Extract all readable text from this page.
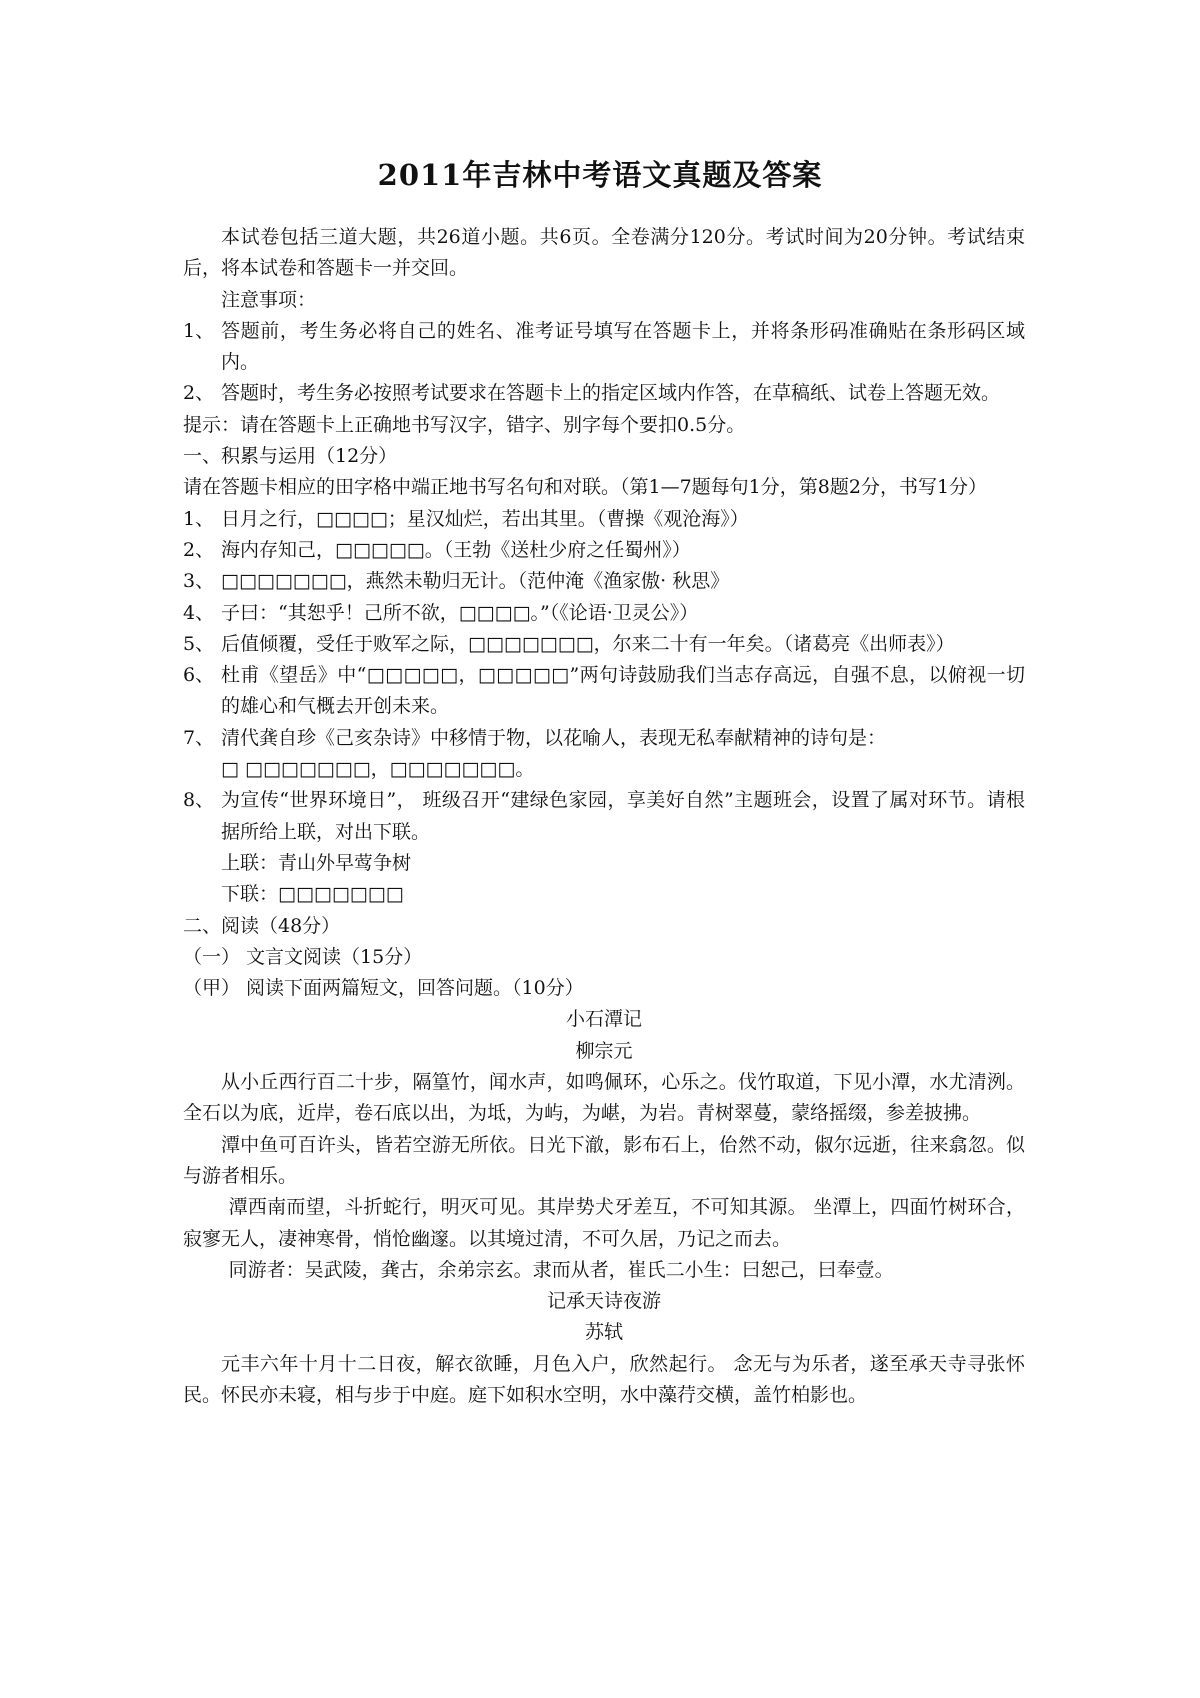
2011年吉林中考语文真题及答案

本试卷包括三道大题，共26道小题。共6页。全卷满分120分。考试时间为20分钟。考试结束后，将本试卷和答题卡一并交回。

注意事项：

1、 答题前，考生务必将自己的姓名、准考证号填写在答题卡上，并将条形码准确贴在条形码区域内。
2、 答题时，考生务必按照考试要求在答题卡上的指定区域内作答，在草稿纸、试卷上答题无效。

提示：请在答题卡上正确地书写汉字，错字、别字每个要扣0.5分。

一、积累与运用（12分）

请在答题卡相应的田字格中端正地书写名句和对联。（第1—7题每句1分，第8题2分，书写1分）

1、 日月之行，□□□□；星汉灿烂，若出其里。（曹操《观沧海》）
2、 海内存知己，□□□□□。（王勃《送杜少府之任蜀州》）
3、 □□□□□□□，燕然未勒归无计。（范仲淹《渔家傲· 秋思》
4、 子曰：“其恕乎！己所不欲，□□□□。”（《论语·卫灵公》）
5、 后值倾覆，受任于败军之际，□□□□□□□，尔来二十有一年矣。（诸葛亮《出师表》）
6、 杜甫《望岳》中“□□□□□，□□□□□”两句诗鼓励我们当志存高远，自强不息，以俯视一切的雄心和气概去开创未来。
7、 清代龚自珍《己亥杂诗》中移情于物，以花喻人，表现无私奉献精神的诗句是：

□ □□□□□□□，□□□□□□□。

8、 为宣传“世界环境日”， 班级召开“建绿色家园，享美好自然”主题班会，设置了属对环节。请根据所给上联，对出下联。

上联：青山外早莺争树

下联：□□□□□□□

二、阅读（48分）

（一） 文言文阅读（15分）

（甲） 阅读下面两篇短文，回答问题。（10分）

小石潭记

柳宗元

从小丘西行百二十步，隔篁竹，闻水声，如鸣佩环，心乐之。伐竹取道，下见小潭，水尤清洌。全石以为底，近岸，卷石底以出，为坻，为屿，为嵁，为岩。青树翠蔓，蒙络摇缀，参差披拂。

潭中鱼可百许头，皆若空游无所依。日光下澈，影布石上，佁然不动，俶尔远逝，往来翕忽。似与游者相乐。

潭西南而望，斗折蛇行，明灭可见。其岸势犬牙差互，不可知其源。 坐潭上，四面竹树环合，寂寥无人，凄神寒骨，悄怆幽邃。以其境过清，不可久居，乃记之而去。

同游者：吴武陵，龚古，余弟宗玄。隶而从者，崔氏二小生：曰恕己，曰奉壹。

记承天诗夜游

苏轼

元丰六年十月十二日夜，解衣欲睡，月色入户，欣然起行。 念无与为乐者，遂至承天寺寻张怀民。怀民亦未寝，相与步于中庭。庭下如积水空明，水中藻荇交横，盖竹柏影也。
